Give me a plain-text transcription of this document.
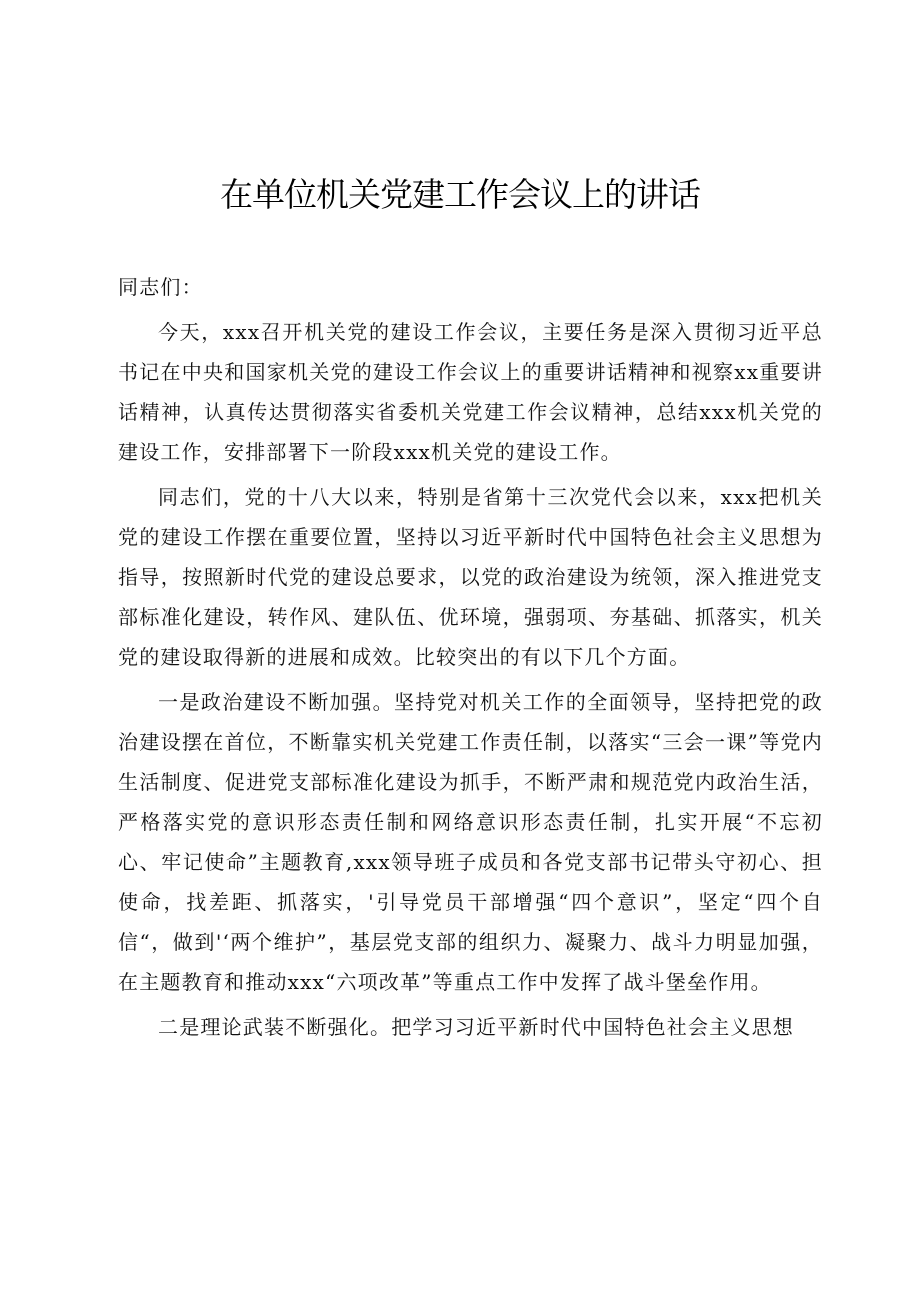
在单位机关党建工作会议上的讲话

同志们：

今天，xxx召开机关党的建设工作会议，主要任务是深入贯彻习近平总书记在中央和国家机关党的建设工作会议上的重要讲话精神和视察xx重要讲话精神，认真传达贯彻落实省委机关党建工作会议精神，总结xxx机关党的建设工作，安排部署下一阶段xxx机关党的建设工作。

同志们，党的十八大以来，特别是省第十三次党代会以来，xxx把机关党的建设工作摆在重要位置，坚持以习近平新时代中国特色社会主义思想为指导，按照新时代党的建设总要求，以党的政治建设为统领，深入推进党支部标准化建设，转作风、建队伍、优环境，强弱项、夯基础、抓落实，机关党的建设取得新的进展和成效。比较突出的有以下几个方面。

一是政治建设不断加强。坚持党对机关工作的全面领导，坚持把党的政治建设摆在首位，不断靠实机关党建工作责任制，以落实“三会一课”等党内生活制度、促进党支部标准化建设为抓手，不断严肃和规范党内政治生活，严格落实党的意识形态责任制和网络意识形态责任制，扎实开展“不忘初心、牢记使命”主题教育,xxx领导班子成员和各党支部书记带头守初心、担使命，找差距、抓落实，'引导党员干部增强“四个意识”，坚定“四个自信“，做到'‘两个维护”，基层党支部的组织力、凝聚力、战斗力明显加强，在主题教育和推动xxx“六项改革”等重点工作中发挥了战斗堡垒作用。

二是理论武装不断强化。把学习习近平新时代中国特色社会主义思想
